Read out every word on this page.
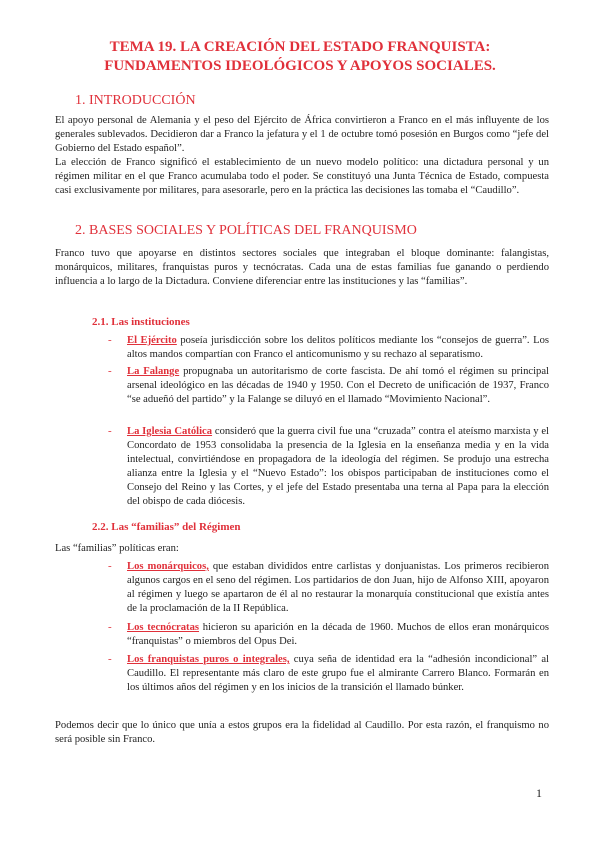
TEMA 19. LA CREACIÓN DEL ESTADO FRANQUISTA:
FUNDAMENTOS IDEOLÓGICOS Y APOYOS SOCIALES.
1. INTRODUCCIÓN
El apoyo personal de Alemania y el peso del Ejército de África convirtieron a Franco en el más influyente de los generales sublevados. Decidieron dar a Franco la jefatura y el 1 de octubre tomó posesión en Burgos como “jefe del Gobierno del Estado español”.
La elección de Franco significó el establecimiento de un nuevo modelo político: una dictadura personal y un régimen militar en el que Franco acumulaba todo el poder. Se constituyó una Junta Técnica de Estado, compuesta casi exclusivamente por militares, para asesorarle, pero en la práctica las decisiones las tomaba el “Caudillo”.
2. BASES SOCIALES Y POLÍTICAS DEL FRANQUISMO
Franco tuvo que apoyarse en distintos sectores sociales que integraban el bloque dominante: falangistas, monárquicos, militares, franquistas puros y tecnócratas. Cada una de estas familias fue ganando o perdiendo influencia a lo largo de la Dictadura. Conviene diferenciar entre las instituciones y las “familias”.
2.1. Las instituciones
- El Ejército poseía jurisdicción sobre los delitos políticos mediante los “consejos de guerra”. Los altos mandos compartían con Franco el anticomunismo y su rechazo al separatismo.
- La Falange propugnaba un autoritarismo de corte fascista. De ahí tomó el régimen su principal arsenal ideológico en las décadas de 1940 y 1950. Con el Decreto de unificación de 1937, Franco “se adueñó del partido” y la Falange se diluyó en el llamado “Movimiento Nacional”.
- La Iglesia Católica consideró que la guerra civil fue una “cruzada” contra el ateísmo marxista y el Concordato de 1953 consolidaba la presencia de la Iglesia en la enseñanza media y en la vida intelectual, convirtiéndose en propagadora de la ideología del régimen. Se produjo una estrecha alianza entre la Iglesia y el “Nuevo Estado”: los obispos participaban de instituciones como el Consejo del Reino y las Cortes, y el jefe del Estado presentaba una terna al Papa para la elección del obispo de cada diócesis.
2.2. Las “familias” del Régimen
Las “familias” políticas eran:
- Los monárquicos, que estaban divididos entre carlistas y donjuanistas. Los primeros recibieron algunos cargos en el seno del régimen. Los partidarios de don Juan, hijo de Alfonso XIII, apoyaron al régimen y luego se apartaron de él al no restaurar la monarquía constitucional que existía antes de la proclamación de la II República.
- Los tecnócratas hicieron su aparición en la década de 1960. Muchos de ellos eran monárquicos “franquistas” o miembros del Opus Dei.
- Los franquistas puros o integrales, cuya seña de identidad era la “adhesión incondicional” al Caudillo. El representante más claro de este grupo fue el almirante Carrero Blanco. Formarán en los últimos años del régimen y en los inicios de la transición el llamado búnker.
Podemos decir que lo único que unía a estos grupos era la fidelidad al Caudillo. Por esta razón, el franquismo no será posible sin Franco.
1
